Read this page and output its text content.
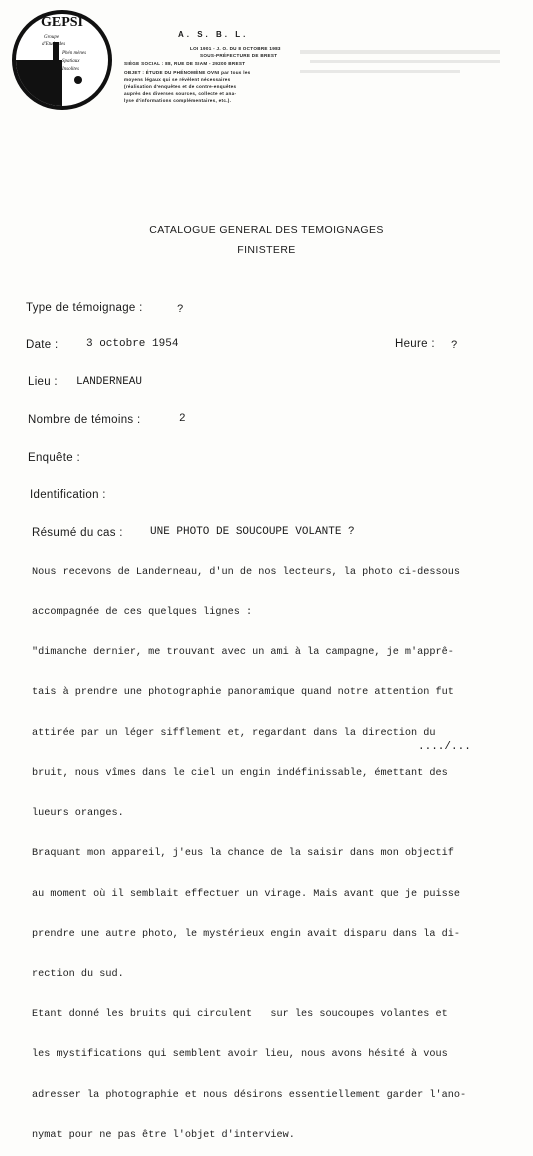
GEPSI
Groupe
d'Etude des
Phén mènes
Spatiaux
Insolites
A. S. B. L.
LOI 1901 - J. O. DU 8 OCTOBRE 1983
SOUS-PRÉFECTURE DE BREST
SIÈGE SOCIAL : 88, RUE DE SIAM - 29200 BREST
OBJET : ÉTUDE DU PHÉNOMÈNE OVNI par tous les
moyens légaux qui se révèlent nécessaires
(réalisation d'enquêtes et de contre-enquêtes
auprès des diverses sources, collecte et ana-
lyse d'informations complémentaires, etc.).
CATALOGUE GENERAL DES TEMOIGNAGES
FINISTERE
Type de témoignage :	?
Date :	3 octobre 1954	Heure : ?
Lieu : LANDERNEAU
Nombre de témoins :	2
Enquête :
Identification :
Résumé du cas : UNE PHOTO DE SOUCOUPE VOLANTE ?

Nous recevons de Landerneau, d'un de nos lecteurs, la photo ci-dessous

accompagnée de ces quelques lignes :

"dimanche dernier, me trouvant avec un ami à la campagne, je m'apprê-

tais à prendre une photographie panoramique quand notre attention fut

attirée par un léger sifflement et, regardant dans la direction du

bruit, nous vîmes dans le ciel un engin indéfinissable, émettant des

lueurs oranges.

Braquant mon appareil, j'eus la chance de la saisir dans mon objectif

au moment où il semblait effectuer un virage. Mais avant que je puisse

prendre une autre photo, le mystérieux engin avait disparu dans la di-

rection du sud.

Etant donné les bruits qui circulent   sur les soucoupes volantes et

les mystifications qui semblent avoir lieu, nous avons hésité à vous

adresser la photographie et nous désirons essentiellement garder l'ano-

nymat pour ne pas être l'objet d'interview.

..../...
